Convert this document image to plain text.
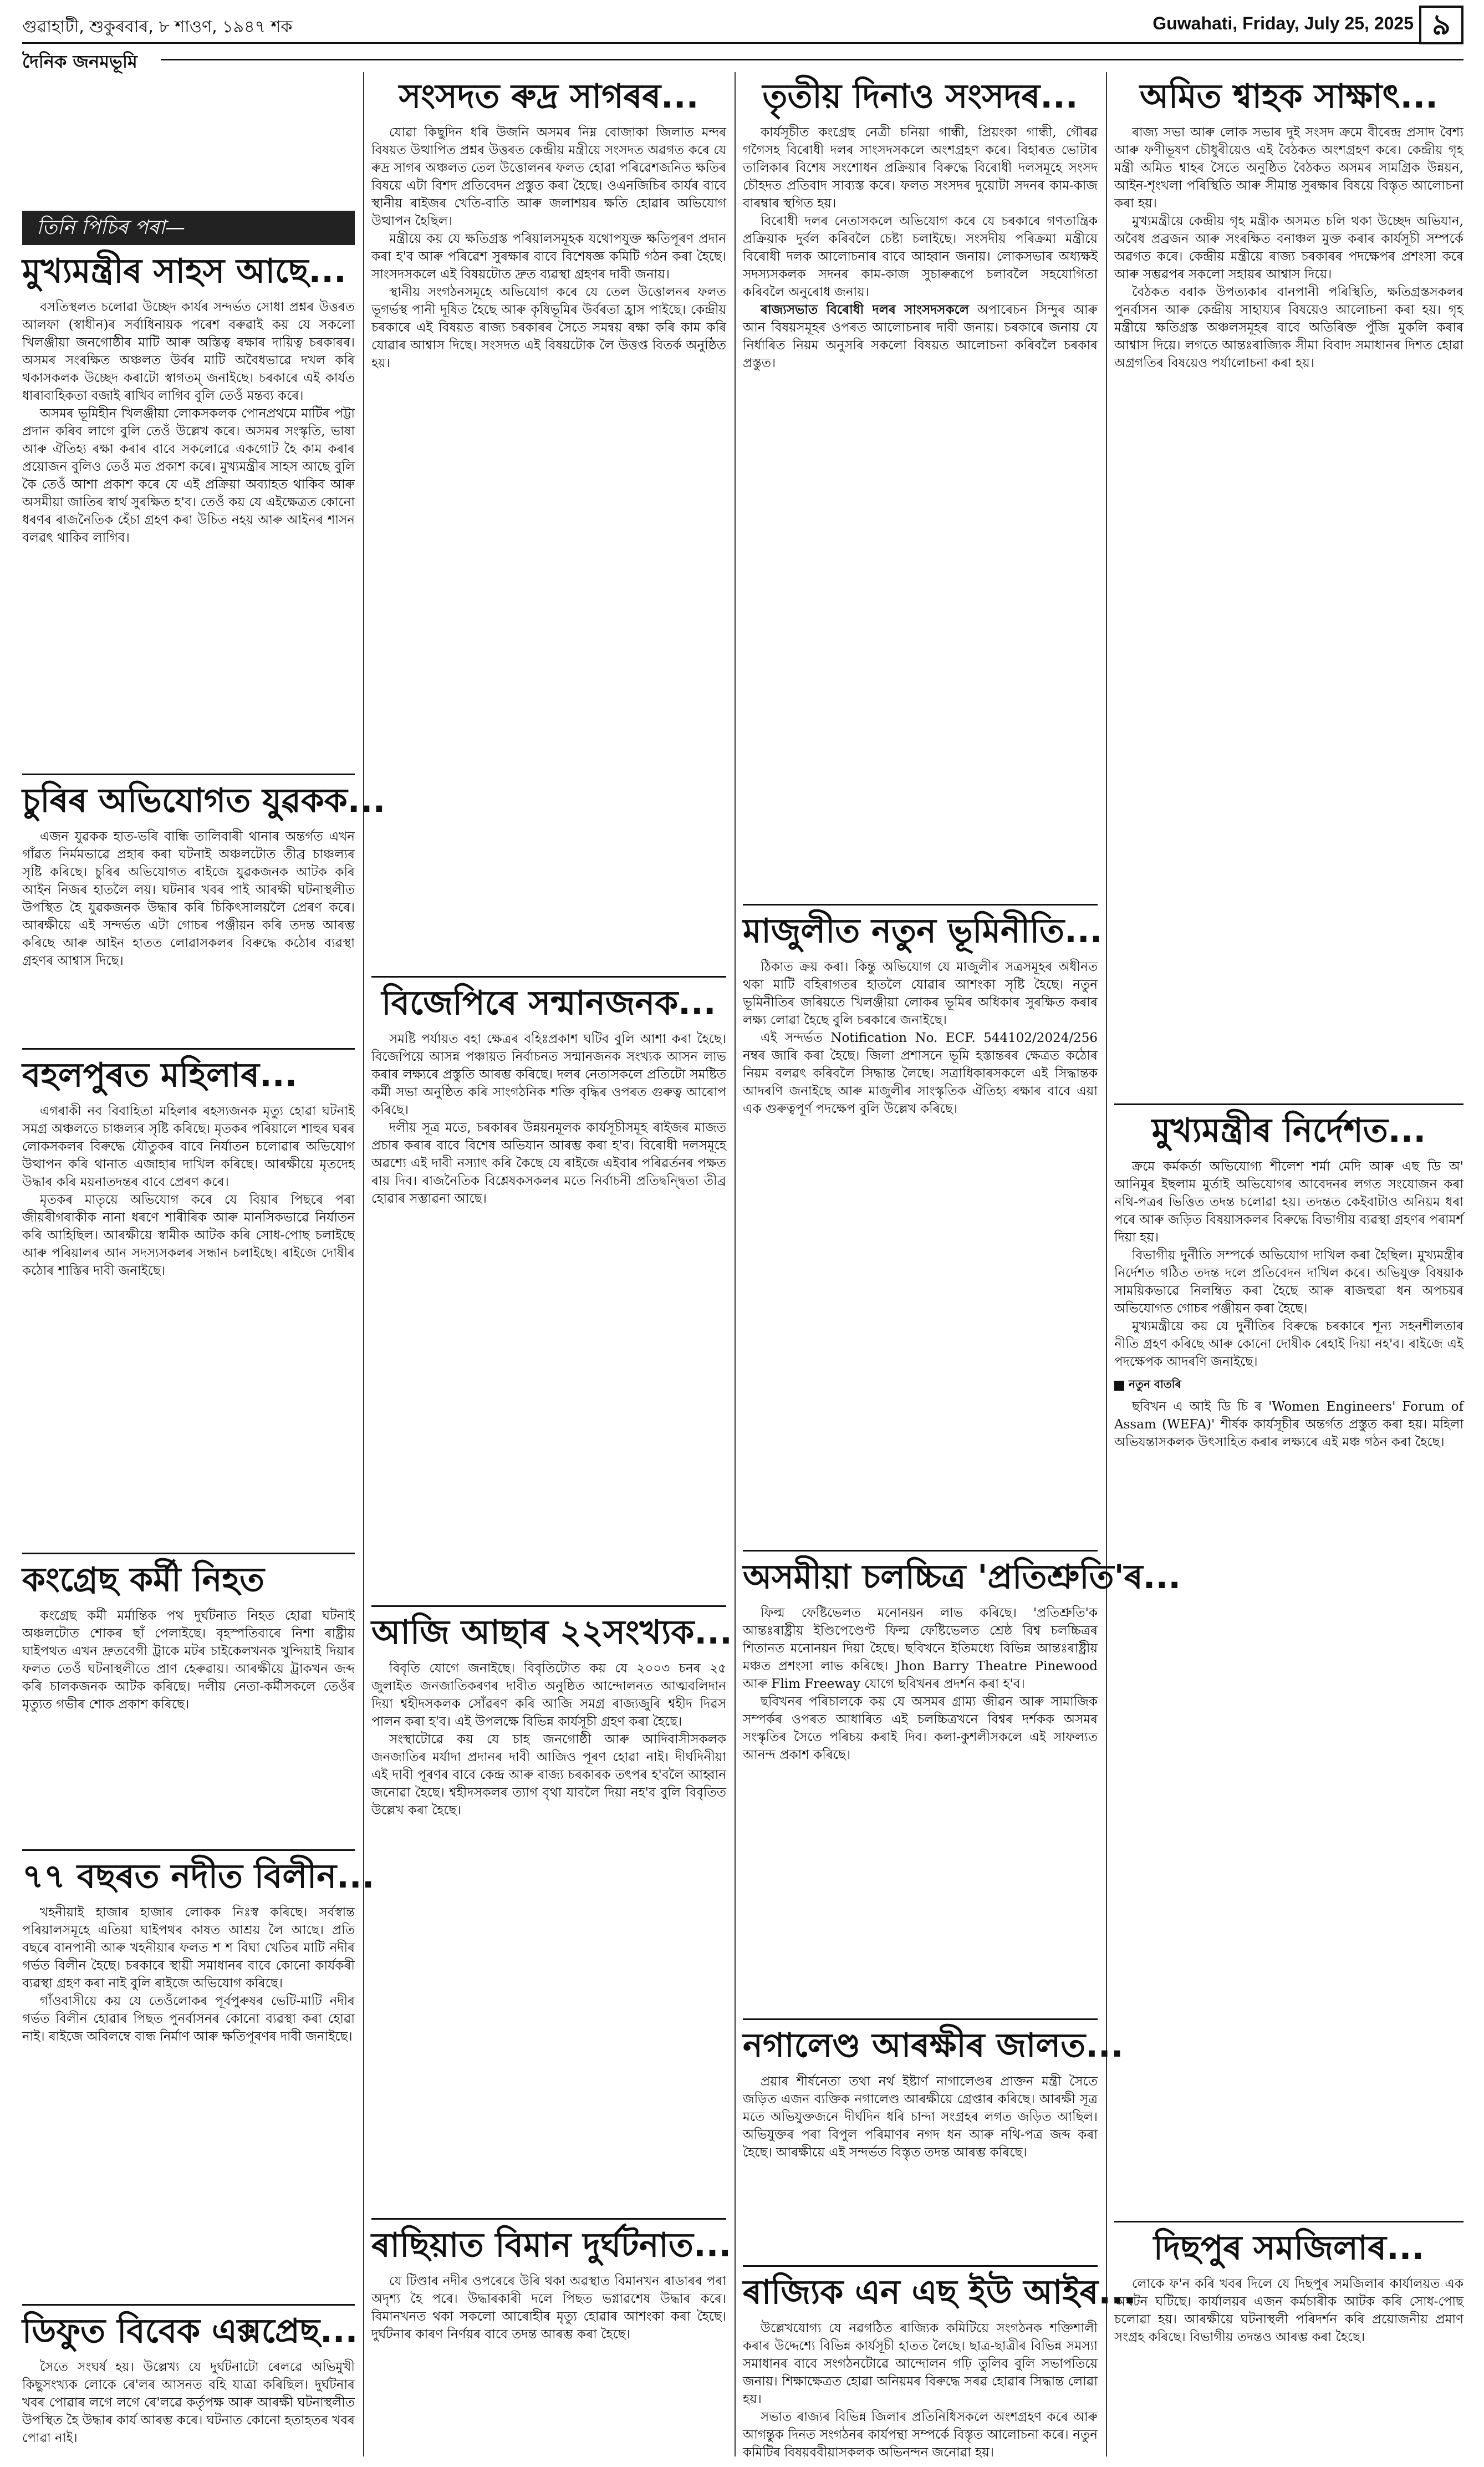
গুৱাহাটী, শুকুৰবাৰ, ৮ শাওণ, ১৯৪৭ শক	Guwahati, Friday, July 25, 2025 ৯
দৈনিক জনমভূমি
তিনি পিচিৰ পৰা—
মুখ্যমন্ত্ৰীৰ সাহস আছে...

বসতিস্থলত চলোৱা উচ্ছেদ কাৰ্যৰ সন্দৰ্ভত সোধা প্ৰশ্নৰ উত্তৰত আলফা (স্বাধীন)ৰ সৰ্বাধিনায়ক পৰেশ বৰুৱাই কয় যে সকলো খিলঞ্জীয়া জনগোষ্ঠীৰ মাটি আৰু অস্তিত্ব ৰক্ষাৰ দায়িত্ব চৰকাৰৰ। অসমৰ সংৰক্ষিত অঞ্চলত উৰ্বৰ মাটি অবৈধভাৱে দখল কৰি থকাসকলক উচ্ছেদ কৰাটো স্বাগতম্‌ জনাইছে। চৰকাৰে এই কাৰ্যত ধাৰাবাহিকতা বজাই ৰাখিব লাগিব বুলি তেওঁ মন্তব্য কৰে।

অসমৰ ভূমিহীন খিলঞ্জীয়া লোকসকলক পোনপ্ৰথমে মাটিৰ পট্টা প্ৰদান কৰিব লাগে বুলি তেওঁ উল্লেখ কৰে। অসমৰ সংস্কৃতি, ভাষা আৰু ঐতিহ্য ৰক্ষা কৰাৰ বাবে সকলোৱে একগোট হৈ কাম কৰাৰ প্ৰয়োজন বুলিও তেওঁ মত প্ৰকাশ কৰে। মুখ্যমন্ত্ৰীৰ সাহস আছে বুলি কৈ তেওঁ আশা প্ৰকাশ কৰে যে এই প্ৰক্ৰিয়া অব্যাহত থাকিব আৰু অসমীয়া জাতিৰ স্বাৰ্থ সুৰক্ষিত হ'ব। তেওঁ কয় যে এইক্ষেত্ৰত কোনো ধৰণৰ ৰাজনৈতিক হেঁচা গ্ৰহণ কৰা উচিত নহয় আৰু আইনৰ শাসন বলৱৎ থাকিব লাগিব।

চুৰিৰ অভিযোগত যুৱকক...

এজন যুৱকক হাত-ভৰি বান্ধি তালিবাৰী থানাৰ অন্তৰ্গত এখন গাঁৱত নিৰ্মমভাৱে প্ৰহাৰ কৰা ঘটনাই অঞ্চলটোত তীব্ৰ চাঞ্চল্যৰ সৃষ্টি কৰিছে। চুৰিৰ অভিযোগত ৰাইজে যুৱকজনক আটক কৰি আইন নিজৰ হাতলৈ লয়। ঘটনাৰ খবৰ পাই আৰক্ষী ঘটনাস্থলীত উপস্থিত হৈ যুৱকজনক উদ্ধাৰ কৰি চিকিৎসালয়লৈ প্ৰেৰণ কৰে। আৰক্ষীয়ে এই সন্দৰ্ভত এটা গোচৰ পঞ্জীয়ন কৰি তদন্ত আৰম্ভ কৰিছে আৰু আইন হাতত লোৱাসকলৰ বিৰুদ্ধে কঠোৰ ব্যৱস্থা গ্ৰহণৰ আশ্বাস দিছে।

বহলপুৰত মহিলাৰ...

এগৰাকী নব বিবাহিতা মহিলাৰ ৰহস্যজনক মৃত্যু হোৱা ঘটনাই সমগ্ৰ অঞ্চলতে চাঞ্চল্যৰ সৃষ্টি কৰিছে। মৃতকৰ পৰিয়ালে শাহুৰ ঘৰৰ লোকসকলৰ বিৰুদ্ধে যৌতুকৰ বাবে নিৰ্যাতন চলোৱাৰ অভিযোগ উত্থাপন কৰি থানাত এজাহাৰ দাখিল কৰিছে। আৰক্ষীয়ে মৃতদেহ উদ্ধাৰ কৰি ময়নাতদন্তৰ বাবে প্ৰেৰণ কৰে।

মৃতকৰ মাতৃয়ে অভিযোগ কৰে যে বিয়াৰ পিছৰে পৰা জীয়ৰীগৰাকীক নানা ধৰণে শাৰীৰিক আৰু মানসিকভাৱে নিৰ্যাতন কৰি আহিছিল। আৰক্ষীয়ে স্বামীক আটক কৰি সোধ-পোছ চলাইছে আৰু পৰিয়ালৰ আন সদস্যসকলৰ সন্ধান চলাইছে। ৰাইজে দোষীৰ কঠোৰ শাস্তিৰ দাবী জনাইছে।

কংগ্ৰেছ কৰ্মী নিহত

কংগ্ৰেছ কৰ্মী মৰ্মান্তিক পথ দুৰ্ঘটনাত নিহত হোৱা ঘটনাই অঞ্চলটোত শোকৰ ছাঁ পেলাইছে। বৃহস্পতিবাৰে নিশা ৰাষ্ট্ৰীয় ঘাইপথত এখন দ্ৰুতবেগী ট্ৰাকে মটৰ চাইকেলখনক খুন্দিয়াই দিয়াৰ ফলত তেওঁ ঘটনাস্থলীতে প্ৰাণ হেৰুৱায়। আৰক্ষীয়ে ট্ৰাকখন জব্দ কৰি চালকজনক আটক কৰিছে। দলীয় নেতা-কৰ্মীসকলে তেওঁৰ মৃত্যুত গভীৰ শোক প্ৰকাশ কৰিছে।

৭৭ বছৰত নদীত বিলীন...

খহনীয়াই হাজাৰ হাজাৰ লোকক নিঃস্ব কৰিছে। সৰ্বস্বান্ত পৰিয়ালসমূহে এতিয়া ঘাইপথৰ কাষত আশ্ৰয় লৈ আছে। প্ৰতি বছৰে বানপানী আৰু খহনীয়াৰ ফলত শ শ বিঘা খেতিৰ মাটি নদীৰ গৰ্ভত বিলীন হৈছে। চৰকাৰে স্থায়ী সমাধানৰ বাবে কোনো কাৰ্যকৰী ব্যৱস্থা গ্ৰহণ কৰা নাই বুলি ৰাইজে অভিযোগ কৰিছে।

গাঁওবাসীয়ে কয় যে তেওঁলোকৰ পূৰ্বপুৰুষৰ ভেটি-মাটি নদীৰ গৰ্ভত বিলীন হোৱাৰ পিছত পুনৰ্বাসনৰ কোনো ব্যৱস্থা কৰা হোৱা নাই। ৰাইজে অবিলম্বে বান্ধ নিৰ্মাণ আৰু ক্ষতিপূৰণৰ দাবী জনাইছে।

ডিফুত বিবেক এক্সপ্ৰেছ...

সৈতে সংঘৰ্ষ হয়। উল্লেখ্য যে দুৰ্ঘটনাটো ৰেলৱে অভিমুখী কিছুসংখ্যক লোকে ৰে'লৰ আসনত বহি যাত্ৰা কৰিছিল। দুৰ্ঘটনাৰ খবৰ পোৱাৰ লগে লগে ৰে'লৱে কৰ্তৃপক্ষ আৰু আৰক্ষী ঘটনাস্থলীত উপস্থিত হৈ উদ্ধাৰ কাৰ্য আৰম্ভ কৰে। ঘটনাত কোনো হতাহতৰ খবৰ পোৱা নাই।

সংসদত ৰুদ্ৰ সাগৰৰ...

যোৱা কিছুদিন ধৰি উজনি অসমৰ নিম্ন বোজাকা জিলাত মন্দৰ বিষয়ত উত্থাপিত প্ৰশ্নৰ উত্তৰত কেন্দ্ৰীয় মন্ত্ৰীয়ে সংসদত অৱগত কৰে যে ৰুদ্ৰ সাগৰ অঞ্চলত তেল উত্তোলনৰ ফলত হোৱা পৰিৱেশজনিত ক্ষতিৰ বিষয়ে এটা বিশদ প্ৰতিবেদন প্ৰস্তুত কৰা হৈছে। ওএনজিচিৰ কাৰ্যৰ বাবে স্থানীয় ৰাইজৰ খেতি-বাতি আৰু জলাশয়ৰ ক্ষতি হোৱাৰ অভিযোগ উত্থাপন হৈছিল।

মন্ত্ৰীয়ে কয় যে ক্ষতিগ্ৰস্ত পৰিয়ালসমূহক যথোপযুক্ত ক্ষতিপূৰণ প্ৰদান কৰা হ'ব আৰু পৰিৱেশ সুৰক্ষাৰ বাবে বিশেষজ্ঞ কমিটি গঠন কৰা হৈছে। সাংসদসকলে এই বিষয়টোত দ্ৰুত ব্যৱস্থা গ্ৰহণৰ দাবী জনায়।

স্থানীয় সংগঠনসমূহে অভিযোগ কৰে যে তেল উত্তোলনৰ ফলত ভূগৰ্ভস্থ পানী দূষিত হৈছে আৰু কৃষিভূমিৰ উৰ্বৰতা হ্ৰাস পাইছে। কেন্দ্ৰীয় চৰকাৰে এই বিষয়ত ৰাজ্য চৰকাৰৰ সৈতে সমন্বয় ৰক্ষা কৰি কাম কৰি যোৱাৰ আশ্বাস দিছে। সংসদত এই বিষয়টোক লৈ উত্তপ্ত বিতৰ্ক অনুষ্ঠিত হয়।

বিজেপিৰে সন্মানজনক...

সমষ্টি পৰ্যায়ত বহা ক্ষেত্ৰৰ বহিঃপ্ৰকাশ ঘটিব বুলি আশা কৰা হৈছে। বিজেপিয়ে আসন্ন পঞ্চায়ত নিৰ্বাচনত সন্মানজনক সংখ্যক আসন লাভ কৰাৰ লক্ষ্যৰে প্ৰস্তুতি আৰম্ভ কৰিছে। দলৰ নেতাসকলে প্ৰতিটো সমষ্টিত কৰ্মী সভা অনুষ্ঠিত কৰি সাংগঠনিক শক্তি বৃদ্ধিৰ ওপৰত গুৰুত্ব আৰোপ কৰিছে।

দলীয় সূত্ৰ মতে, চৰকাৰৰ উন্নয়নমূলক কাৰ্যসূচীসমূহ ৰাইজৰ মাজত প্ৰচাৰ কৰাৰ বাবে বিশেষ অভিযান আৰম্ভ কৰা হ'ব। বিৰোধী দলসমূহে অৱশ্যে এই দাবী নস্যাৎ কৰি কৈছে যে ৰাইজে এইবাৰ পৰিৱৰ্তনৰ পক্ষত ৰায় দিব। ৰাজনৈতিক বিশ্লেষকসকলৰ মতে নিৰ্বাচনী প্ৰতিদ্বন্দ্বিতা তীব্ৰ হোৱাৰ সম্ভাৱনা আছে।

আজি আছাৰ ২২সংখ্যক...

বিবৃতি যোগে জনাইছে। বিবৃতিটোত কয় যে ২০০৩ চনৰ ২৫ জুলাইত জনজাতিকৰণৰ দাবীত অনুষ্ঠিত আন্দোলনত আত্মবলিদান দিয়া শ্বহীদসকলক সোঁৱৰণ কৰি আজি সমগ্ৰ ৰাজ্যজুৰি শ্বহীদ দিৱস পালন কৰা হ'ব। এই উপলক্ষে বিভিন্ন কাৰ্যসূচী গ্ৰহণ কৰা হৈছে।

সংস্থাটোৱে কয় যে চাহ জনগোষ্ঠী আৰু আদিবাসীসকলক জনজাতিৰ মৰ্যাদা প্ৰদানৰ দাবী আজিও পূৰণ হোৱা নাই। দীৰ্ঘদিনীয়া এই দাবী পূৰণৰ বাবে কেন্দ্ৰ আৰু ৰাজ্য চৰকাৰক তৎপৰ হ'বলৈ আহ্বান জনোৱা হৈছে। শ্বহীদসকলৰ ত্যাগ বৃথা যাবলৈ দিয়া নহ'ব বুলি বিবৃতিত উল্লেখ কৰা হৈছে।

ৰাছিয়াত বিমান দুৰ্ঘটনাত...

যে টিণ্ডাৰ নদীৰ ওপৰেৰে উৰি থকা অৱস্থাত বিমানখন ৰাডাৰৰ পৰা অদৃশ্য হৈ পৰে। উদ্ধাৰকাৰী দলে পিছত ভগ্নাৱশেষ উদ্ধাৰ কৰে। বিমানখনত থকা সকলো আৰোহীৰ মৃত্যু হোৱাৰ আশংকা কৰা হৈছে। দুৰ্ঘটনাৰ কাৰণ নিৰ্ণয়ৰ বাবে তদন্ত আৰম্ভ কৰা হৈছে।

তৃতীয় দিনাও সংসদৰ...

কাৰ্যসূচীত কংগ্ৰেছ নেত্ৰী চনিয়া গান্ধী, প্ৰিয়ংকা গান্ধী, গৌৰৱ গগৈসহ বিৰোধী দলৰ সাংসদসকলে অংশগ্ৰহণ কৰে। বিহাৰত ভোটাৰ তালিকাৰ বিশেষ সংশোধন প্ৰক্ৰিয়াৰ বিৰুদ্ধে বিৰোধী দলসমূহে সংসদ চৌহদত প্ৰতিবাদ সাব্যস্ত কৰে। ফলত সংসদৰ দুয়োটা সদনৰ কাম-কাজ বাৰম্বাৰ স্থগিত হয়।

বিৰোধী দলৰ নেতাসকলে অভিযোগ কৰে যে চৰকাৰে গণতান্ত্ৰিক প্ৰক্ৰিয়াক দুৰ্বল কৰিবলৈ চেষ্টা চলাইছে। সংসদীয় পৰিক্ৰমা মন্ত্ৰীয়ে বিৰোধী দলক আলোচনাৰ বাবে আহ্বান জনায়। লোকসভাৰ অধ্যক্ষই সদস্যসকলক সদনৰ কাম-কাজ সুচাৰুৰূপে চলাবলৈ সহযোগিতা কৰিবলৈ অনুৰোধ জনায়।

ৰাজ্যসভাত বিৰোধী দলৰ সাংসদসকলে অপাৰেচন সিন্দুৰ আৰু আন বিষয়সমূহৰ ওপৰত আলোচনাৰ দাবী জনায়। চৰকাৰে জনায় যে নিৰ্ধাৰিত নিয়ম অনুসৰি সকলো বিষয়ত আলোচনা কৰিবলৈ চৰকাৰ প্ৰস্তুত।

মাজুলীত নতুন ভূমিনীতি...

ঠিকাত ক্ৰয় কৰা। কিন্তু অভিযোগ যে মাজুলীৰ সত্ৰসমূহৰ অধীনত থকা মাটি বহিৰাগতৰ হাতলৈ যোৱাৰ আশংকা সৃষ্টি হৈছে। নতুন ভূমিনীতিৰ জৰিয়তে খিলঞ্জীয়া লোকৰ ভূমিৰ অধিকাৰ সুৰক্ষিত কৰাৰ লক্ষ্য লোৱা হৈছে বুলি চৰকাৰে জনাইছে।

এই সন্দৰ্ভত Notification No. ECF. 544102/2024/256 নম্বৰ জাৰি কৰা হৈছে। জিলা প্ৰশাসনে ভূমি হস্তান্তৰৰ ক্ষেত্ৰত কঠোৰ নিয়ম বলৱৎ কৰিবলৈ সিদ্ধান্ত লৈছে। সত্ৰাধিকাৰসকলে এই সিদ্ধান্তক আদৰণি জনাইছে আৰু মাজুলীৰ সাংস্কৃতিক ঐতিহ্য ৰক্ষাৰ বাবে এয়া এক গুৰুত্বপূৰ্ণ পদক্ষেপ বুলি উল্লেখ কৰিছে।

অসমীয়া চলচ্চিত্ৰ 'প্ৰতিশ্ৰুতি'ৰ...

ফিল্ম ফেষ্টিভেলত মনোনয়ন লাভ কৰিছে। 'প্ৰতিশ্ৰুতি'ক আন্তঃৰাষ্ট্ৰীয় ইণ্ডিপেণ্ডেণ্ট ফিল্ম ফেষ্টিভেলত শ্ৰেষ্ঠ বিশ্ব চলচ্চিত্ৰৰ শিতানত মনোনয়ন দিয়া হৈছে। ছবিখনে ইতিমধ্যে বিভিন্ন আন্তঃৰাষ্ট্ৰীয় মঞ্চত প্ৰশংসা লাভ কৰিছে। Jhon Barry Theatre Pinewood আৰু Flim Freeway যোগে ছবিখনৰ প্ৰদৰ্শন কৰা হ'ব।

ছবিখনৰ পৰিচালকে কয় যে অসমৰ গ্ৰাম্য জীৱন আৰু সামাজিক সম্পৰ্কৰ ওপৰত আধাৰিত এই চলচ্চিত্ৰখনে বিশ্বৰ দৰ্শকক অসমৰ সংস্কৃতিৰ সৈতে পৰিচয় কৰাই দিব। কলা-কুশলীসকলে এই সাফল্যত আনন্দ প্ৰকাশ কৰিছে।

নগালেণ্ড আৰক্ষীৰ জালত...

প্ৰয়াৰ শীৰ্ষনেতা তথা নৰ্থ ইষ্টাৰ্ণ নাগালেণ্ডৰ প্ৰাক্তন মন্ত্ৰী সৈতে জড়িত এজন ব্যক্তিক নগালেণ্ড আৰক্ষীয়ে গ্ৰেপ্তাৰ কৰিছে। আৰক্ষী সূত্ৰ মতে অভিযুক্তজনে দীৰ্ঘদিন ধৰি চান্দা সংগ্ৰহৰ লগত জড়িত আছিল। অভিযুক্তৰ পৰা বিপুল পৰিমাণৰ নগদ ধন আৰু নথি-পত্ৰ জব্দ কৰা হৈছে। আৰক্ষীয়ে এই সন্দৰ্ভত বিস্তৃত তদন্ত আৰম্ভ কৰিছে।

ৰাজ্যিক এন এছ ইউ আইৰ...

উল্লেখযোগ্য যে নৱগঠিত ৰাজ্যিক কমিটিয়ে সংগঠনক শক্তিশালী কৰাৰ উদ্দেশ্যে বিভিন্ন কাৰ্যসূচী হাতত লৈছে। ছাত্ৰ-ছাত্ৰীৰ বিভিন্ন সমস্যা সমাধানৰ বাবে সংগঠনটোৱে আন্দোলন গঢ়ি তুলিব বুলি সভাপতিয়ে জনায়। শিক্ষাক্ষেত্ৰত হোৱা অনিয়মৰ বিৰুদ্ধে সৰৱ হোৱাৰ সিদ্ধান্ত লোৱা হয়।

সভাত ৰাজ্যৰ বিভিন্ন জিলাৰ প্ৰতিনিধিসকলে অংশগ্ৰহণ কৰে আৰু আগন্তুক দিনত সংগঠনৰ কাৰ্যপন্থা সম্পৰ্কে বিস্তৃত আলোচনা কৰে। নতুন কমিটিৰ বিষয়ববীয়াসকলক অভিনন্দন জনোৱা হয়।

অমিত শ্বাহক সাক্ষাৎ...

ৰাজ্য সভা আৰু লোক সভাৰ দুই সংসদ ক্ৰমে বীৰেন্দ্ৰ প্ৰসাদ বৈশ্য আৰু ফণীভূষণ চৌধুৰীয়েও এই বৈঠকত অংশগ্ৰহণ কৰে। কেন্দ্ৰীয় গৃহ মন্ত্ৰী অমিত শ্বাহৰ সৈতে অনুষ্ঠিত বৈঠকত অসমৰ সামগ্ৰিক উন্নয়ন, আইন-শৃংখলা পৰিস্থিতি আৰু সীমান্ত সুৰক্ষাৰ বিষয়ে বিস্তৃত আলোচনা কৰা হয়।

মুখ্যমন্ত্ৰীয়ে কেন্দ্ৰীয় গৃহ মন্ত্ৰীক অসমত চলি থকা উচ্ছেদ অভিযান, অবৈধ প্ৰব্ৰজন আৰু সংৰক্ষিত বনাঞ্চল মুক্ত কৰাৰ কাৰ্যসূচী সম্পৰ্কে অৱগত কৰে। কেন্দ্ৰীয় মন্ত্ৰীয়ে ৰাজ্য চৰকাৰৰ পদক্ষেপৰ প্ৰশংসা কৰে আৰু সম্ভৱপৰ সকলো সহায়ৰ আশ্বাস দিয়ে।

বৈঠকত বৰাক উপত্যকাৰ বানপানী পৰিস্থিতি, ক্ষতিগ্ৰস্তসকলৰ পুনৰ্বাসন আৰু কেন্দ্ৰীয় সাহায্যৰ বিষয়েও আলোচনা কৰা হয়। গৃহ মন্ত্ৰীয়ে ক্ষতিগ্ৰস্ত অঞ্চলসমূহৰ বাবে অতিৰিক্ত পুঁজি মুকলি কৰাৰ আশ্বাস দিয়ে। লগতে আন্তঃৰাজ্যিক সীমা বিবাদ সমাধানৰ দিশত হোৱা অগ্ৰগতিৰ বিষয়েও পৰ্যালোচনা কৰা হয়।

মুখ্যমন্ত্ৰীৰ নিৰ্দেশত...

ক্ৰমে কৰ্মকৰ্তা অভিযোগ্য শীলেশ শৰ্মা মেদি আৰু এছ ডি অ' আনিমুৰ ইছলাম মুৰ্তাই অভিযোগৰ আবেদনৰ লগত সংযোজন কৰা নথি-পত্ৰৰ ভিত্তিত তদন্ত চলোৱা হয়। তদন্তত কেইবাটাও অনিয়ম ধৰা পৰে আৰু জড়িত বিষয়াসকলৰ বিৰুদ্ধে বিভাগীয় ব্যৱস্থা গ্ৰহণৰ পৰামৰ্শ দিয়া হয়।

বিভাগীয় দুৰ্নীতি সম্পৰ্কে অভিযোগ দাখিল কৰা হৈছিল। মুখ্যমন্ত্ৰীৰ নিৰ্দেশত গঠিত তদন্ত দলে প্ৰতিবেদন দাখিল কৰে। অভিযুক্ত বিষয়াক সাময়িকভাৱে নিলম্বিত কৰা হৈছে আৰু ৰাজহুৱা ধন অপচয়ৰ অভিযোগত গোচৰ পঞ্জীয়ন কৰা হৈছে।

মুখ্যমন্ত্ৰীয়ে কয় যে দুৰ্নীতিৰ বিৰুদ্ধে চৰকাৰে শূন্য সহনশীলতাৰ নীতি গ্ৰহণ কৰিছে আৰু কোনো দোষীক ৰেহাই দিয়া নহ'ব। ৰাইজে এই পদক্ষেপক আদৰণি জনাইছে।

নতুন বাতৰি

ছবিখন এ আই ডি চি ৰ 'Women Engineers' Forum of Assam (WEFA)' শীৰ্ষক কাৰ্যসূচীৰ অন্তৰ্গত প্ৰস্তুত কৰা হয়। মহিলা অভিযন্তাসকলক উৎসাহিত কৰাৰ লক্ষ্যৰে এই মঞ্চ গঠন কৰা হৈছে।

দিছপুৰ সমজিলাৰ...

লোকে ফ'ন কৰি খবৰ দিলে যে দিছপুৰ সমজিলাৰ কাৰ্যালয়ত এক অঘটন ঘটিছে। কাৰ্যালয়ৰ এজন কৰ্মচাৰীক আটক কৰি সোধ-পোছ চলোৱা হয়। আৰক্ষীয়ে ঘটনাস্থলী পৰিদৰ্শন কৰি প্ৰয়োজনীয় প্ৰমাণ সংগ্ৰহ কৰিছে। বিভাগীয় তদন্তও আৰম্ভ কৰা হৈছে।
